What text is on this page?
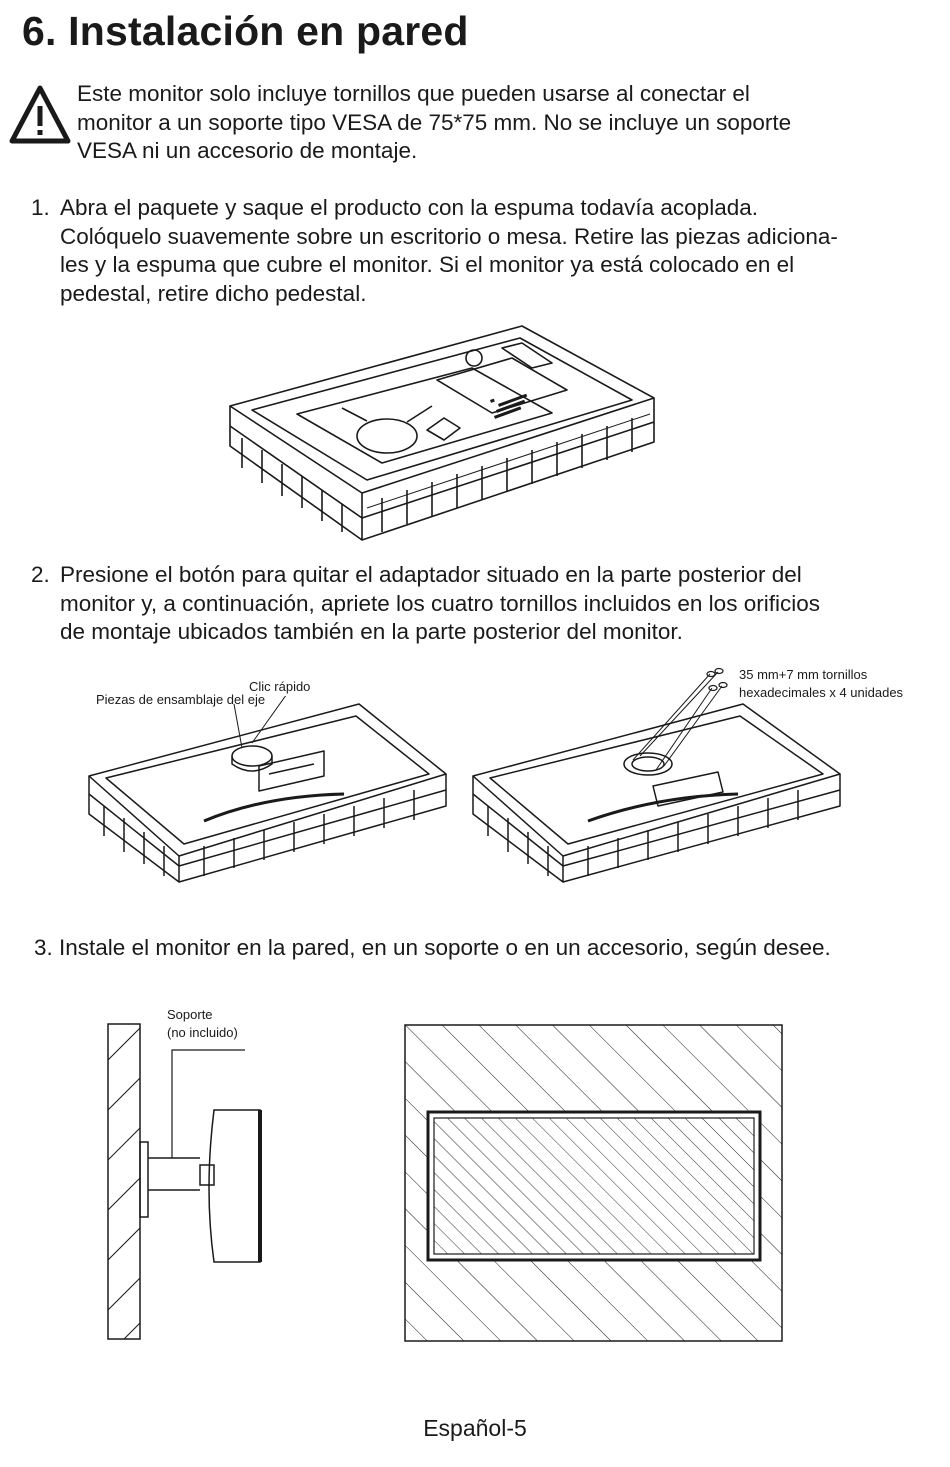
6. Instalación en pared
Este monitor solo incluye tornillos que pueden usarse al conectar el
monitor a un soporte tipo VESA de 75*75 mm. No se incluye un soporte
VESA ni un accesorio de montaje.
1. Abra el paquete y saque el producto con la espuma todavía acoplada.
Colóquelo suavemente sobre un escritorio o mesa. Retire las piezas adiciona-
les y la espuma que cubre el monitor. Si el monitor ya está colocado en el
pedestal, retire dicho pedestal.
2. Presione el botón para quitar el adaptador situado en la parte posterior del
monitor y, a continuación, apriete los cuatro tornillos incluidos en los orificios
de montaje ubicados también en la parte posterior del monitor.
Clic rápido
Piezas de ensamblaje del eje
35 mm+7 mm tornillos
hexadecimales x 4 unidades
3. Instale el monitor en la pared, en un soporte o en un accesorio, según desee.
Soporte
(no incluido)
Español-5
